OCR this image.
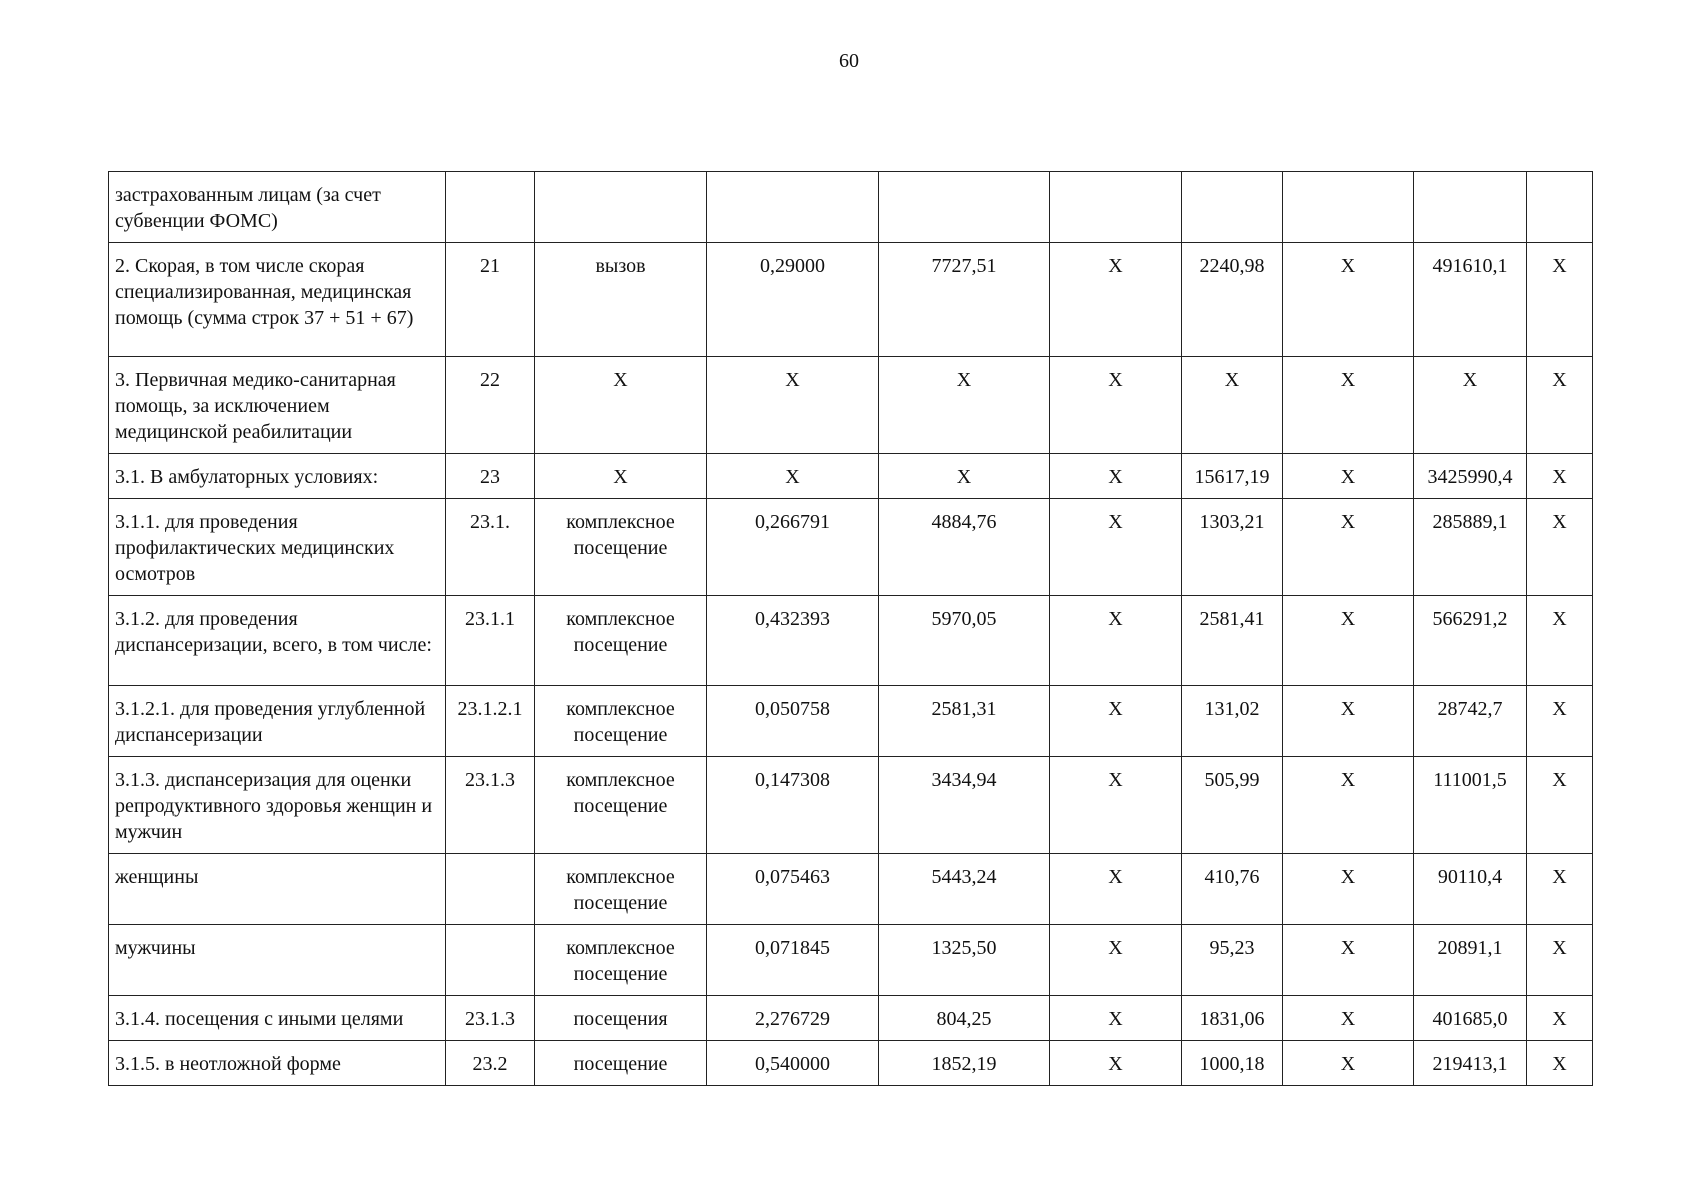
60
застрахованным лицам (за счет субвенции ФОМС)									
2. Скорая, в том числе скорая специализированная, медицинская помощь (сумма строк 37 + 51 + 67)	21	вызов	0,29000	7727,51	X	2240,98	X	491610,1	X
3. Первичная медико-санитарная помощь, за исключением медицинской реабилитации	22	X	X	X	X	X	X	X	X
3.1. В амбулаторных условиях:	23	X	X	X	X	15617,19	X	3425990,4	X
3.1.1. для проведения профилактических медицинских осмотров	23.1.	комплексное посещение	0,266791	4884,76	X	1303,21	X	285889,1	X
3.1.2. для проведения диспансеризации, всего, в том числе:	23.1.1	комплексное посещение	0,432393	5970,05	X	2581,41	X	566291,2	X
3.1.2.1. для проведения углубленной диспансеризации	23.1.2.1	комплексное посещение	0,050758	2581,31	X	131,02	X	28742,7	X
3.1.3. диспансеризация для оценки репродуктивного здоровья женщин и мужчин	23.1.3	комплексное посещение	0,147308	3434,94	X	505,99	X	111001,5	X
женщины		комплексное посещение	0,075463	5443,24	X	410,76	X	90110,4	X
мужчины		комплексное посещение	0,071845	1325,50	X	95,23	X	20891,1	X
3.1.4. посещения с иными целями	23.1.3	посещения	2,276729	804,25	X	1831,06	X	401685,0	X
3.1.5. в неотложной форме	23.2	посещение	0,540000	1852,19	X	1000,18	X	219413,1	X
